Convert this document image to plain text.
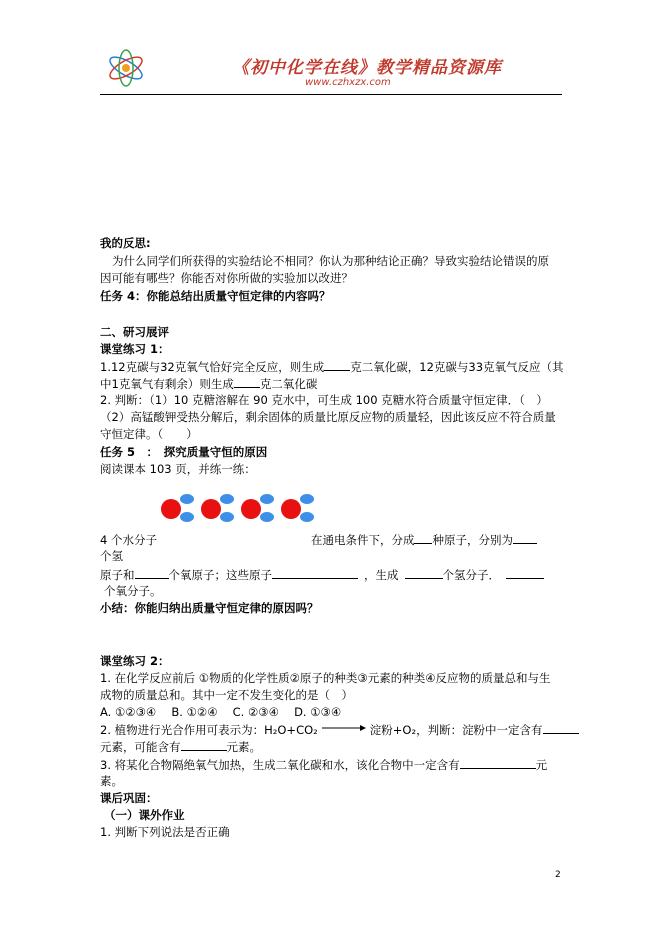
《初中化学在线》教学精品资源库
www.czhxzx.com
我的反思:
为什么同学们所获得的实验结论不相同？你认为那种结论正确？导致实验结论错误的原
因可能有哪些？你能否对你所做的实验加以改进？
任务 4：你能总结出质量守恒定律的内容吗？
二、研习展评
课堂练习 1：
1.12克碳与32克氧气恰好完全反应，则生成 克二氧化碳，12克碳与33克氧气反应（其
中1克氧气有剩余）则生成 克二氧化碳
2. 判断：（1）10 克糖溶解在 90 克水中，可生成 100 克糖水符合质量守恒定律．（　）
（2）高锰酸钾受热分解后，剩余固体的质量比原反应物的质量轻，因此该反应不符合质量
守恒定律。（　　）
任务 5　：　探究质量守恒的原因
阅读课本 103 页，并练一练：
4 个水分子	在通电条件下，分成 种原子，分别为
个氢
原子和	个氧原子；这些原子	，生成	个氢分子．
个氧分子。
小结：你能归纳出质量守恒定律的原因吗？
课堂练习 2：
1. 在化学反应前后 ①物质的化学性质②原子的种类③元素的种类④反应物的质量总和与生
成物的质量总和。其中一定不发生变化的是（　）
A. ①②③④　 B. ①②④　 C. ②③④　 D. ①③④
2. 植物进行光合作用可表示为：H₂O+CO₂	淀粉+O₂，判断：淀粉中一定含有
元素，可能含有	元素。
3. 将某化合物隔绝氧气加热，生成二氧化碳和水，该化合物中一定含有	元
素。
课后巩固：
（一）课外作业
1. 判断下列说法是否正确
2
